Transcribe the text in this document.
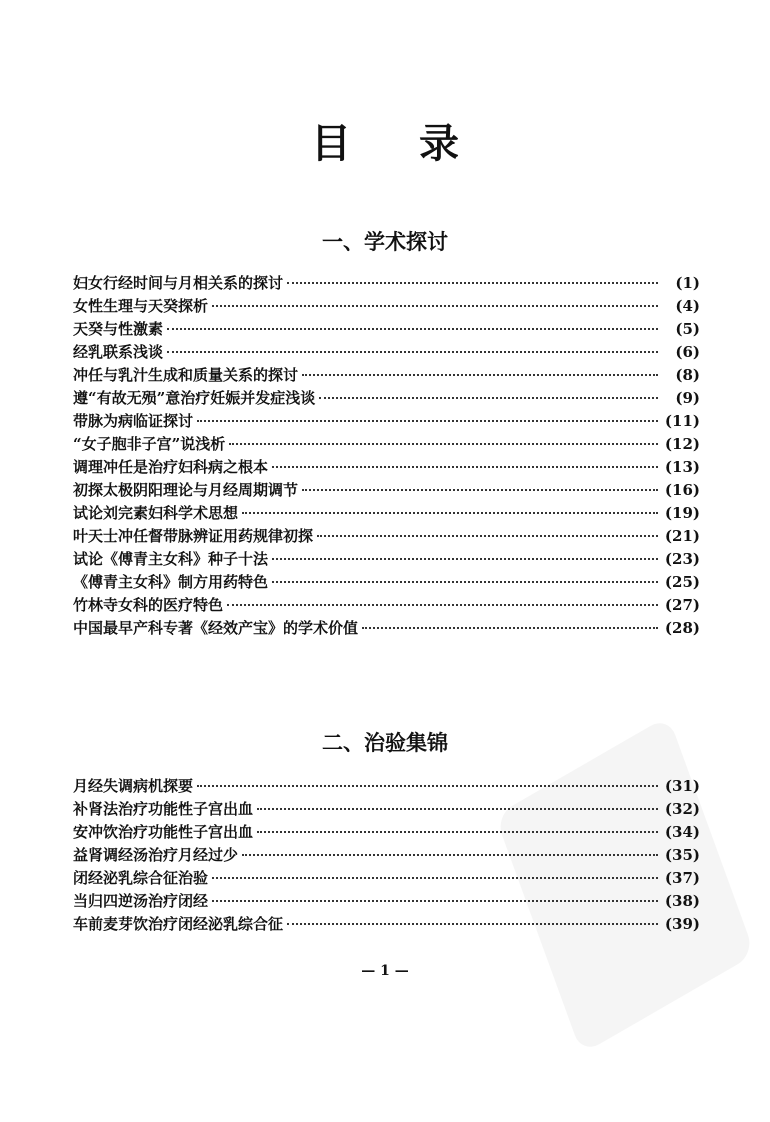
目 录
一、学术探讨
妇女行经时间与月相关系的探讨	(1)
女性生理与天癸探析	(4)
天癸与性激素	(5)
经乳联系浅谈	(6)
冲任与乳汁生成和质量关系的探讨	(8)
遵“有故无殒”意治疗妊娠并发症浅谈	(9)
带脉为病临证探讨	(11)
“女子胞非子宫”说浅析	(12)
调理冲任是治疗妇科病之根本	(13)
初探太极阴阳理论与月经周期调节	(16)
试论刘完素妇科学术思想	(19)
叶天士冲任督带脉辨证用药规律初探	(21)
试论《傅青主女科》种子十法	(23)
《傅青主女科》制方用药特色	(25)
竹林寺女科的医疗特色	(27)
中国最早产科专著《经效产宝》的学术价值	(28)
二、治验集锦
月经失调病机探要	(31)
补肾法治疗功能性子宫出血	(32)
安冲饮治疗功能性子宫出血	(34)
益肾调经汤治疗月经过少	(35)
闭经泌乳综合征治验	(37)
当归四逆汤治疗闭经	(38)
车前麦芽饮治疗闭经泌乳综合征	(39)
— 1 —
